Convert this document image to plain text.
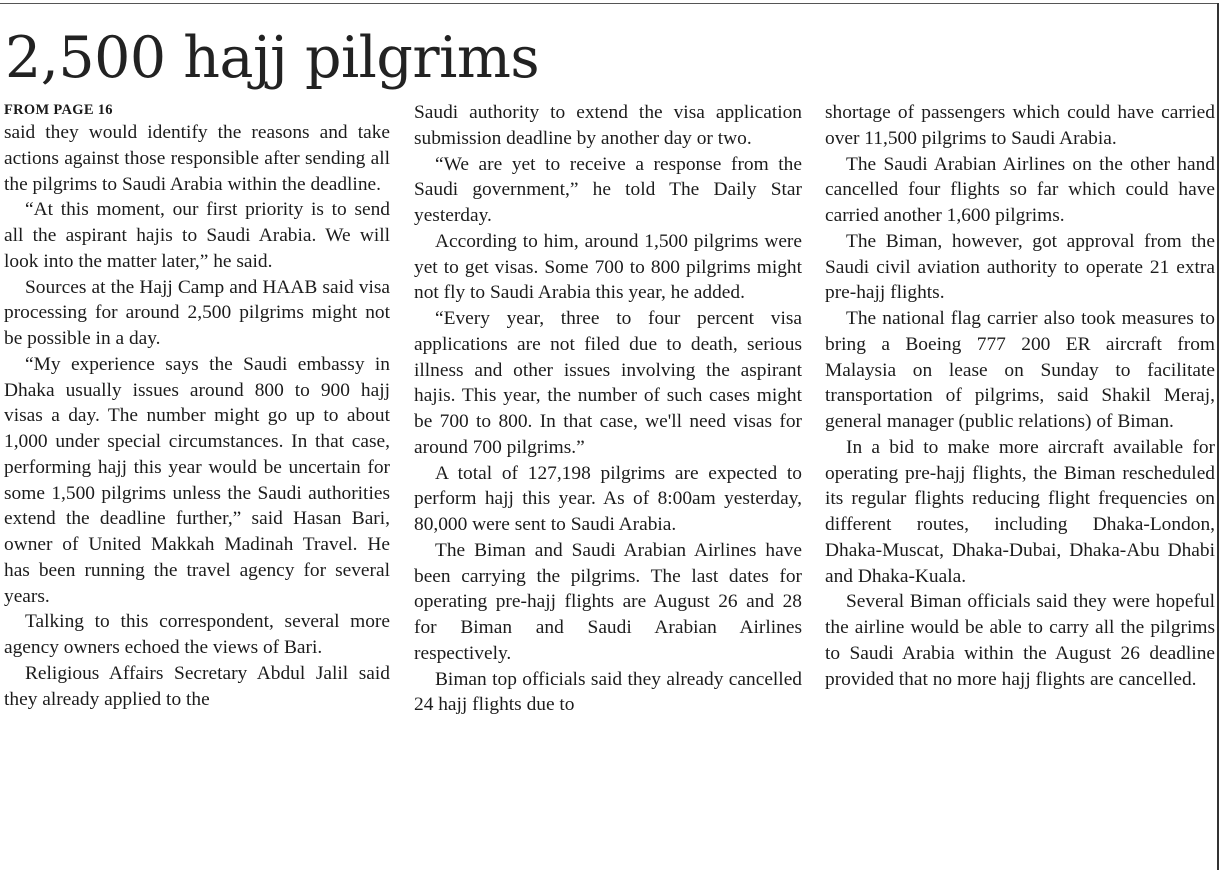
2,500 hajj pilgrims
FROM PAGE 16

said they would identify the reasons and take actions against those responsible after sending all the pilgrims to Saudi Arabia within the deadline.

“At this moment, our first priority is to send all the aspirant hajis to Saudi Arabia. We will look into the matter later,” he said.

Sources at the Hajj Camp and HAAB said visa processing for around 2,500 pilgrims might not be possible in a day.

“My experience says the Saudi embassy in Dhaka usually issues around 800 to 900 hajj visas a day. The number might go up to about 1,000 under special circumstances. In that case, performing hajj this year would be uncertain for some 1,500 pilgrims unless the Saudi authorities extend the deadline further,” said Hasan Bari, owner of United Makkah Madinah Travel. He has been running the travel agency for several years.

Talking to this correspondent, several more agency owners echoed the views of Bari.

Religious Affairs Secretary Abdul Jalil said they already applied to the

Saudi authority to extend the visa application submission deadline by another day or two.

“We are yet to receive a response from the Saudi government,” he told The Daily Star yesterday.

According to him, around 1,500 pilgrims were yet to get visas. Some 700 to 800 pilgrims might not fly to Saudi Arabia this year, he added.

“Every year, three to four percent visa applications are not filed due to death, serious illness and other issues involving the aspirant hajis. This year, the number of such cases might be 700 to 800. In that case, we'll need visas for around 700 pilgrims.”

A total of 127,198 pilgrims are expected to perform hajj this year. As of 8:00am yesterday, 80,000 were sent to Saudi Arabia.

The Biman and Saudi Arabian Airlines have been carrying the pilgrims. The last dates for operating pre-hajj flights are August 26 and 28 for Biman and Saudi Arabian Airlines respectively.

Biman top officials said they already cancelled 24 hajj flights due to

shortage of passengers which could have carried over 11,500 pilgrims to Saudi Arabia.

The Saudi Arabian Airlines on the other hand cancelled four flights so far which could have carried another 1,600 pilgrims.

The Biman, however, got approval from the Saudi civil aviation authority to operate 21 extra pre-hajj flights.

The national flag carrier also took measures to bring a Boeing 777 200 ER aircraft from Malaysia on lease on Sunday to facilitate transportation of pilgrims, said Shakil Meraj, general manager (public relations) of Biman.

In a bid to make more aircraft available for operating pre-hajj flights, the Biman rescheduled its regular flights reducing flight frequencies on different routes, including Dhaka-London, Dhaka-Muscat, Dhaka-Dubai, Dhaka-Abu Dhabi and Dhaka-Kuala.

Several Biman officials said they were hopeful the airline would be able to carry all the pilgrims to Saudi Arabia within the August 26 deadline provided that no more hajj flights are cancelled.
